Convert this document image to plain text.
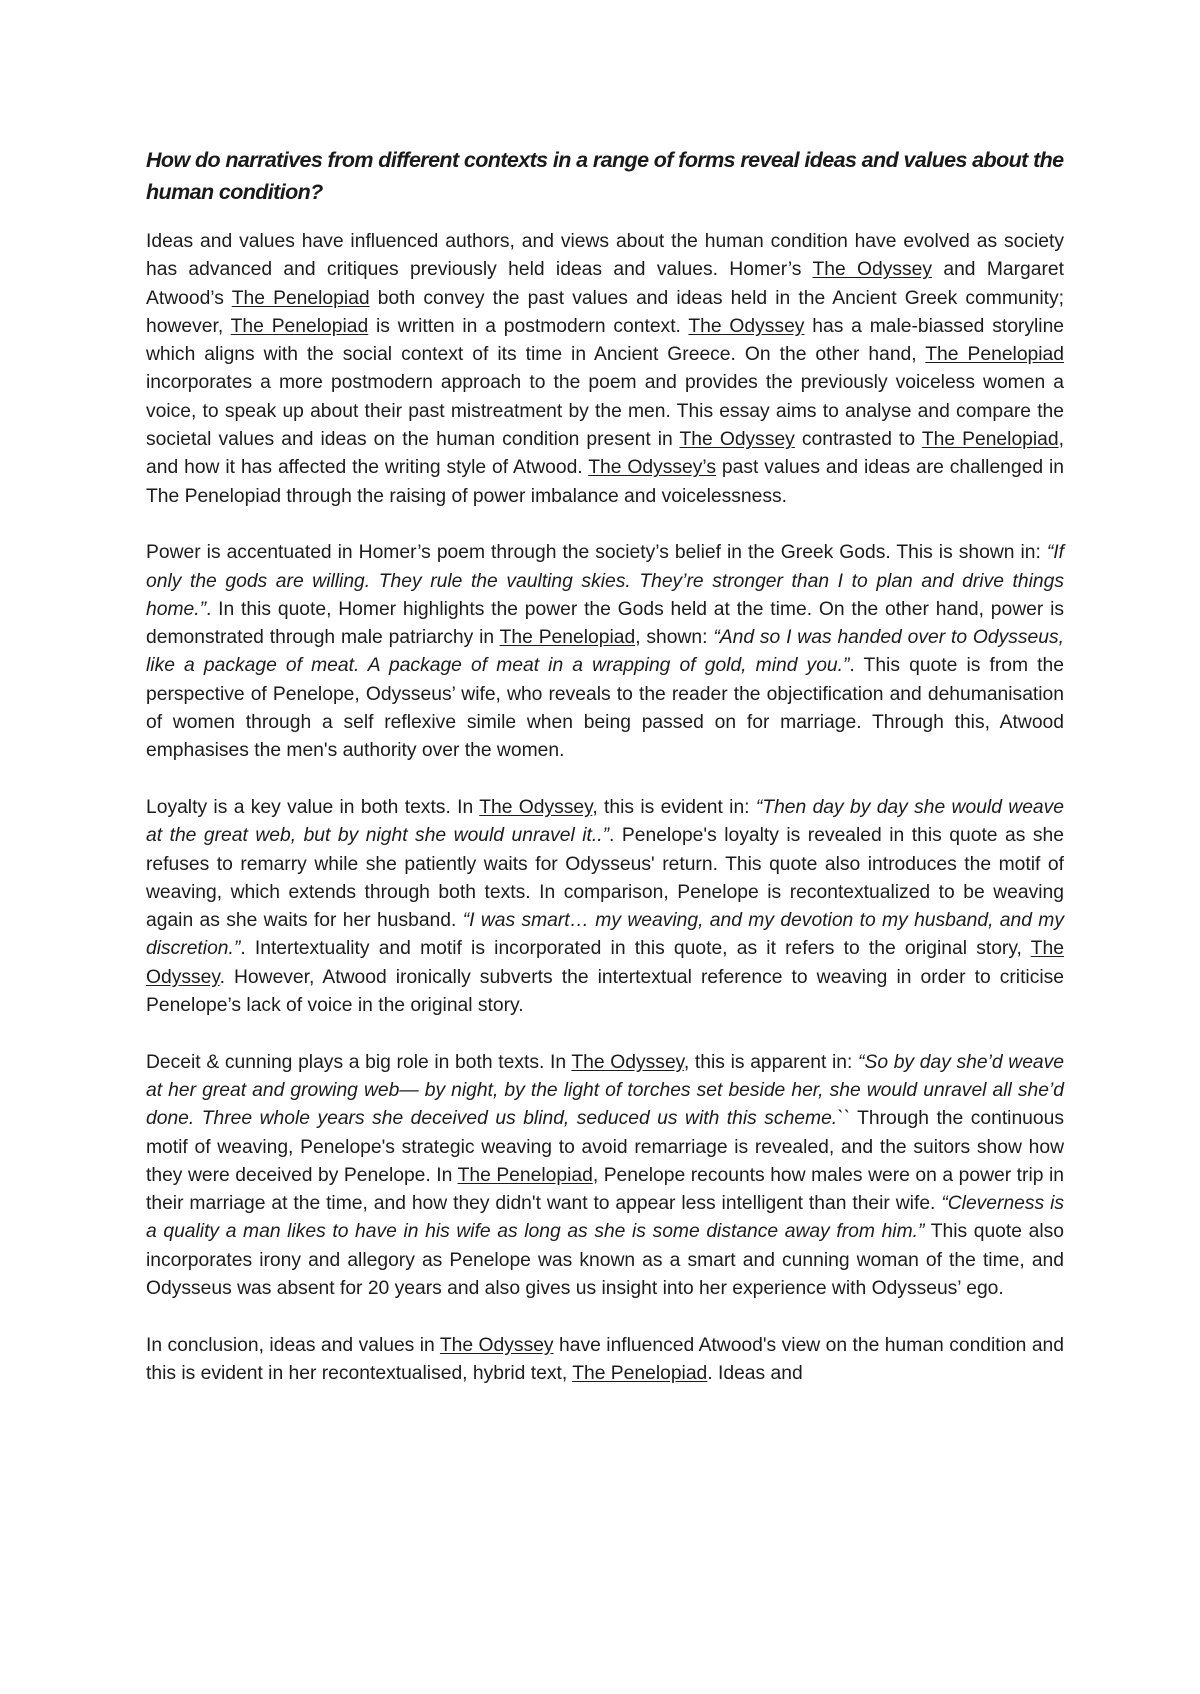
How do narratives from different contexts in a range of forms reveal ideas and values about the human condition?

Ideas and values have influenced authors, and views about the human condition have evolved as society has advanced and critiques previously held ideas and values. Homer’s The Odyssey and Margaret Atwood’s The Penelopiad both convey the past values and ideas held in the Ancient Greek community; however, The Penelopiad is written in a postmodern context. The Odyssey has a male-biassed storyline which aligns with the social context of its time in Ancient Greece. On the other hand, The Penelopiad incorporates a more postmodern approach to the poem and provides the previously voiceless women a voice, to speak up about their past mistreatment by the men. This essay aims to analyse and compare the societal values and ideas on the human condition present in The Odyssey contrasted to The Penelopiad, and how it has affected the writing style of Atwood. The Odyssey’s past values and ideas are challenged in The Penelopiad through the raising of power imbalance and voicelessness.

Power is accentuated in Homer’s poem through the society’s belief in the Greek Gods. This is shown in: “If only the gods are willing. They rule the vaulting skies. They’re stronger than I to plan and drive things home.”. In this quote, Homer highlights the power the Gods held at the time. On the other hand, power is demonstrated through male patriarchy in The Penelopiad, shown: “And so I was handed over to Odysseus, like a package of meat. A package of meat in a wrapping of gold, mind you.”. This quote is from the perspective of Penelope, Odysseus’ wife, who reveals to the reader the objectification and dehumanisation of women through a self reflexive simile when being passed on for marriage. Through this, Atwood emphasises the men's authority over the women.

Loyalty is a key value in both texts. In The Odyssey, this is evident in: “Then day by day she would weave at the great web, but by night she would unravel it..”. Penelope's loyalty is revealed in this quote as she refuses to remarry while she patiently waits for Odysseus' return. This quote also introduces the motif of weaving, which extends through both texts. In comparison, Penelope is recontextualized to be weaving again as she waits for her husband. “I was smart… my weaving, and my devotion to my husband, and my discretion.”. Intertextuality and motif is incorporated in this quote, as it refers to the original story, The Odyssey. However, Atwood ironically subverts the intertextual reference to weaving in order to criticise Penelope’s lack of voice in the original story.

Deceit & cunning plays a big role in both texts. In The Odyssey, this is apparent in: “So by day she’d weave at her great and growing web— by night, by the light of torches set beside her, she would unravel all she’d done. Three whole years she deceived us blind, seduced us with this scheme.`` Through the continuous motif of weaving, Penelope's strategic weaving to avoid remarriage is revealed, and the suitors show how they were deceived by Penelope. In The Penelopiad, Penelope recounts how males were on a power trip in their marriage at the time, and how they didn't want to appear less intelligent than their wife. “Cleverness is a quality a man likes to have in his wife as long as she is some distance away from him.” This quote also incorporates irony and allegory as Penelope was known as a smart and cunning woman of the time, and Odysseus was absent for 20 years and also gives us insight into her experience with Odysseus’ ego.

In conclusion, ideas and values in The Odyssey have influenced Atwood's view on the human condition and this is evident in her recontextualised, hybrid text, The Penelopiad. Ideas and
